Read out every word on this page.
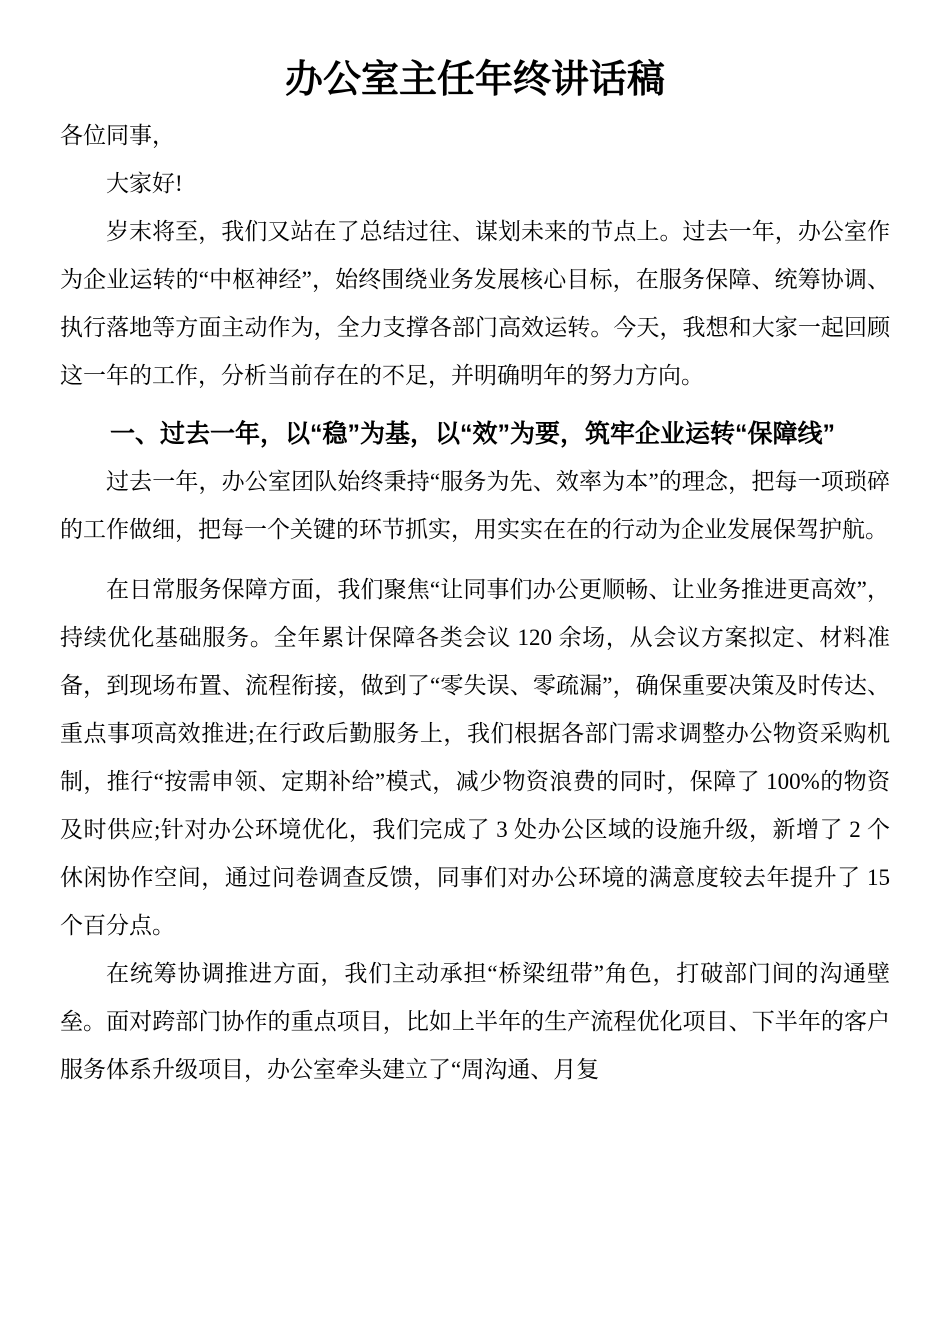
办公室主任年终讲话稿

各位同事，

大家好!

岁末将至，我们又站在了总结过往、谋划未来的节点上。过去一年，办公室作为企业运转的“中枢神经”，始终围绕业务发展核心目标，在服务保障、统筹协调、执行落地等方面主动作为，全力支撑各部门高效运转。今天，我想和大家一起回顾这一年的工作，分析当前存在的不足，并明确明年的努力方向。

一、过去一年，以“稳”为基，以“效”为要，筑牢企业运转“保障线”

过去一年，办公室团队始终秉持“服务为先、效率为本”的理念，把每一项琐碎的工作做细，把每一个关键的环节抓实，用实实在在的行动为企业发展保驾护航。

在日常服务保障方面，我们聚焦“让同事们办公更顺畅、让业务推进更高效”，持续优化基础服务。全年累计保障各类会议 120 余场，从会议方案拟定、材料准备，到现场布置、流程衔接，做到了“零失误、零疏漏”，确保重要决策及时传达、重点事项高效推进;在行政后勤服务上，我们根据各部门需求调整办公物资采购机制，推行“按需申领、定期补给”模式，减少物资浪费的同时，保障了 100%的物资及时供应;针对办公环境优化，我们完成了 3 处办公区域的设施升级，新增了 2 个休闲协作空间，通过问卷调查反馈，同事们对办公环境的满意度较去年提升了 15 个百分点。

在统筹协调推进方面，我们主动承担“桥梁纽带”角色，打破部门间的沟通壁垒。面对跨部门协作的重点项目，比如上半年的生产流程优化项目、下半年的客户服务体系升级项目，办公室牵头建立了“周沟通、月复
